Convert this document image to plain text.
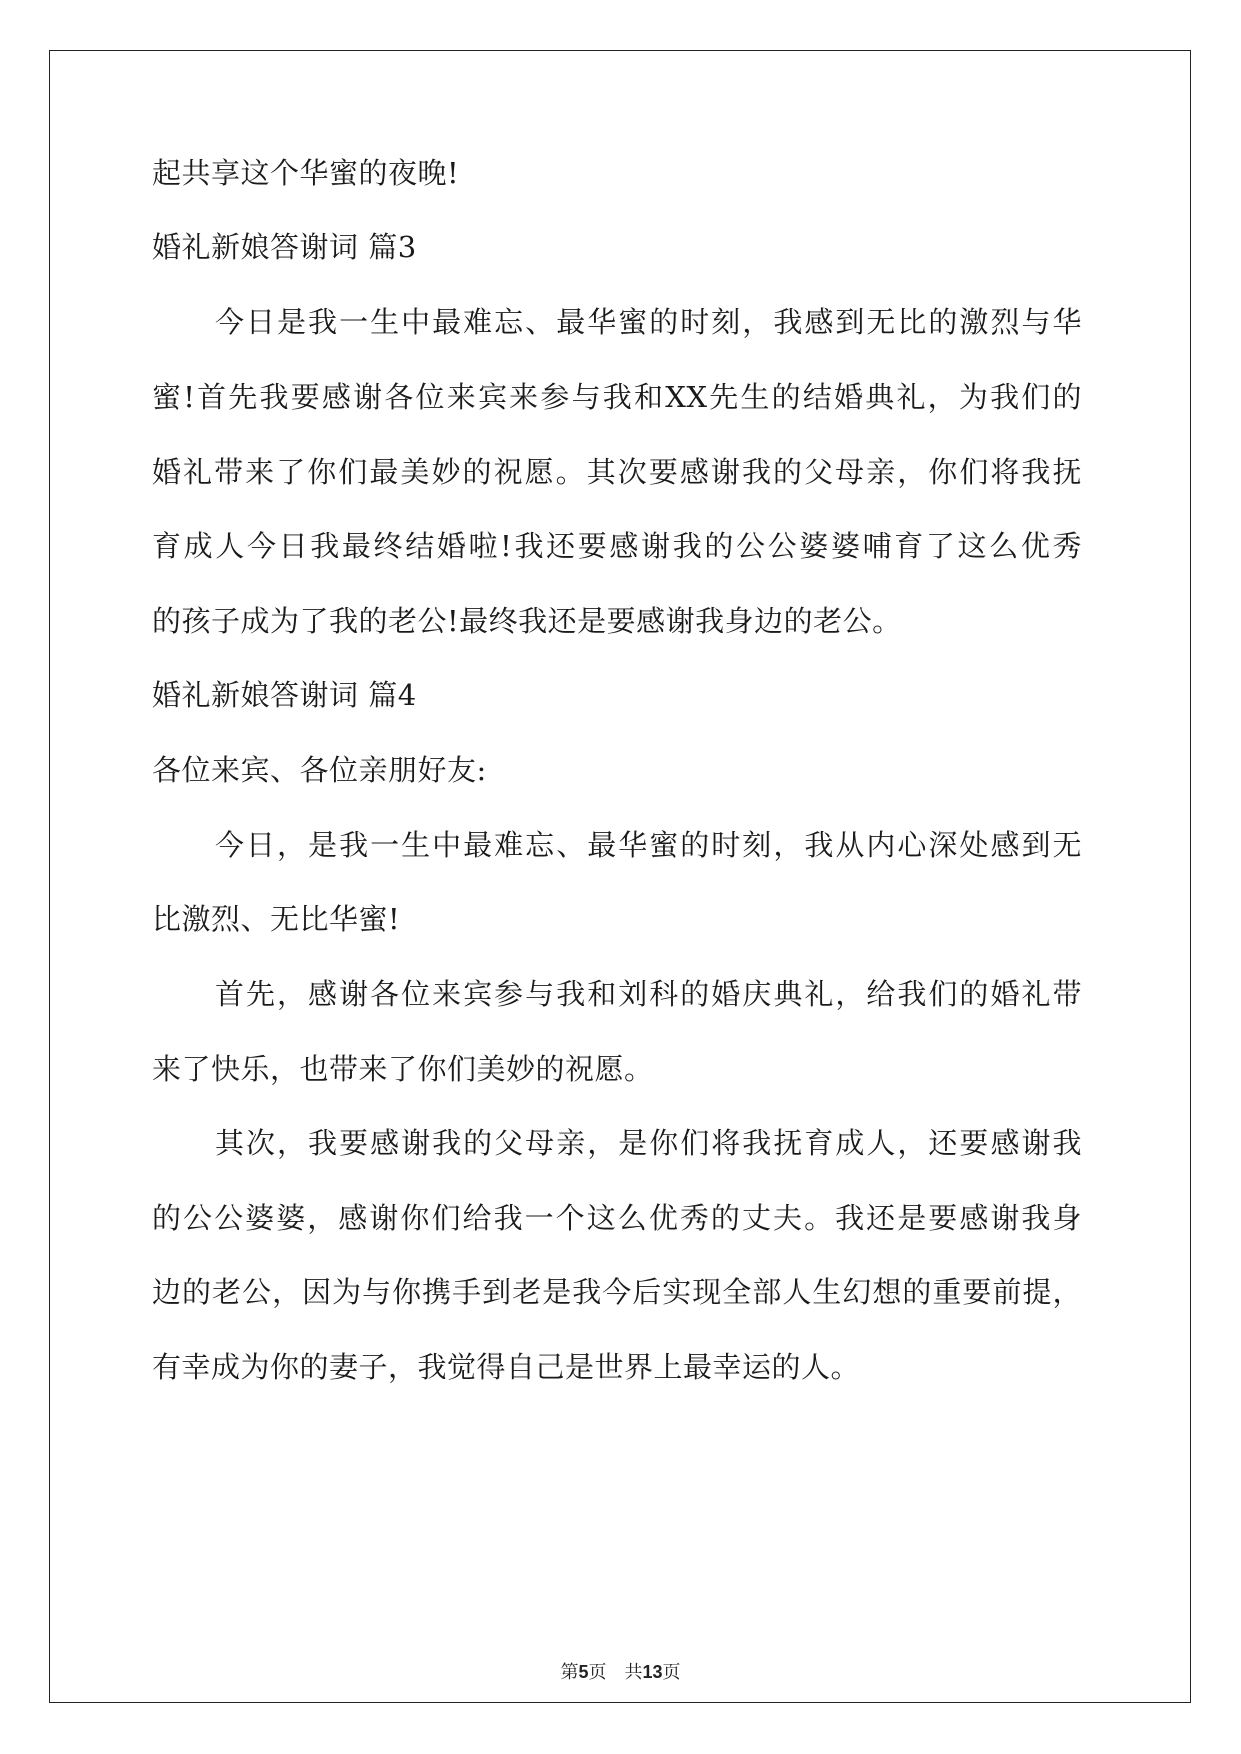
起共享这个华蜜的夜晚!
婚礼新娘答谢词 篇3
今日是我一生中最难忘、最华蜜的时刻，我感到无比的激烈与华
蜜!首先我要感谢各位来宾来参与我和XX先生的结婚典礼，为我们的
婚礼带来了你们最美妙的祝愿。其次要感谢我的父母亲，你们将我抚
育成人今日我最终结婚啦!我还要感谢我的公公婆婆哺育了这么优秀
的孩子成为了我的老公!最终我还是要感谢我身边的老公。
婚礼新娘答谢词 篇4
各位来宾、各位亲朋好友:
今日，是我一生中最难忘、最华蜜的时刻，我从内心深处感到无
比激烈、无比华蜜!
首先，感谢各位来宾参与我和刘科的婚庆典礼，给我们的婚礼带
来了快乐，也带来了你们美妙的祝愿。
其次，我要感谢我的父母亲，是你们将我抚育成人，还要感谢我
的公公婆婆，感谢你们给我一个这么优秀的丈夫。我还是要感谢我身
边的老公，因为与你携手到老是我今后实现全部人生幻想的重要前提，
有幸成为你的妻子，我觉得自己是世界上最幸运的人。
第5页 共13页
